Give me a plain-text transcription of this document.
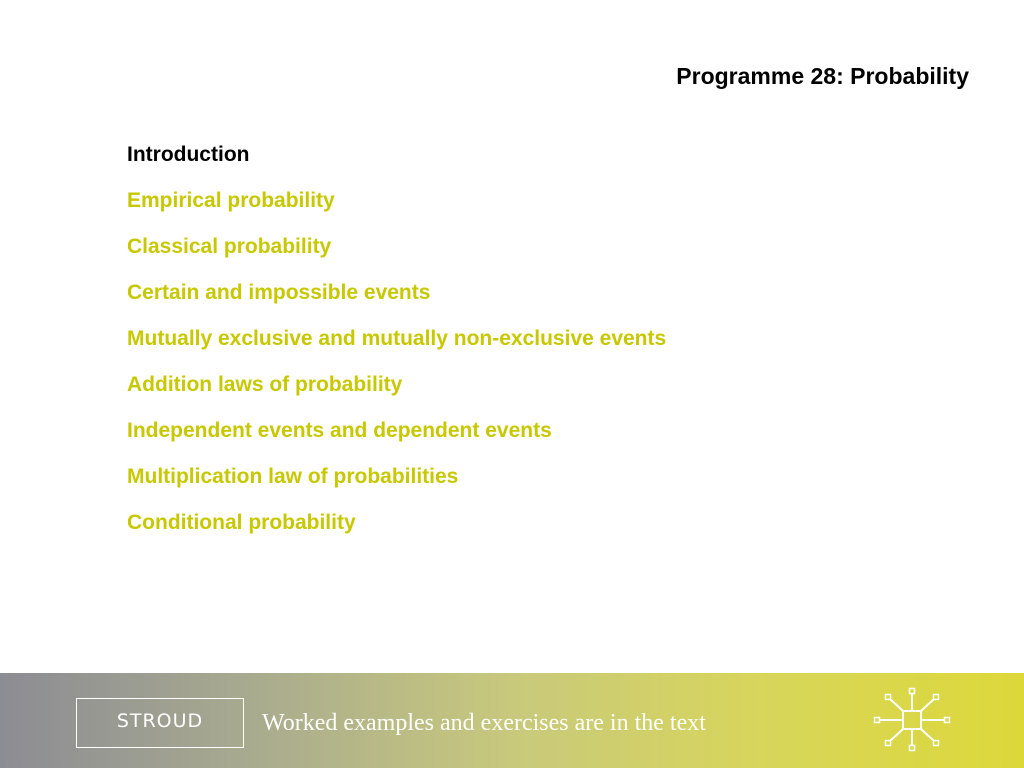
Programme 28: Probability
Introduction
Empirical probability
Classical probability
Certain and impossible events
Mutually exclusive and mutually non-exclusive events
Addition laws of probability
Independent events and dependent events
Multiplication law of probabilities
Conditional probability
STROUD	Worked examples and exercises are in the text
